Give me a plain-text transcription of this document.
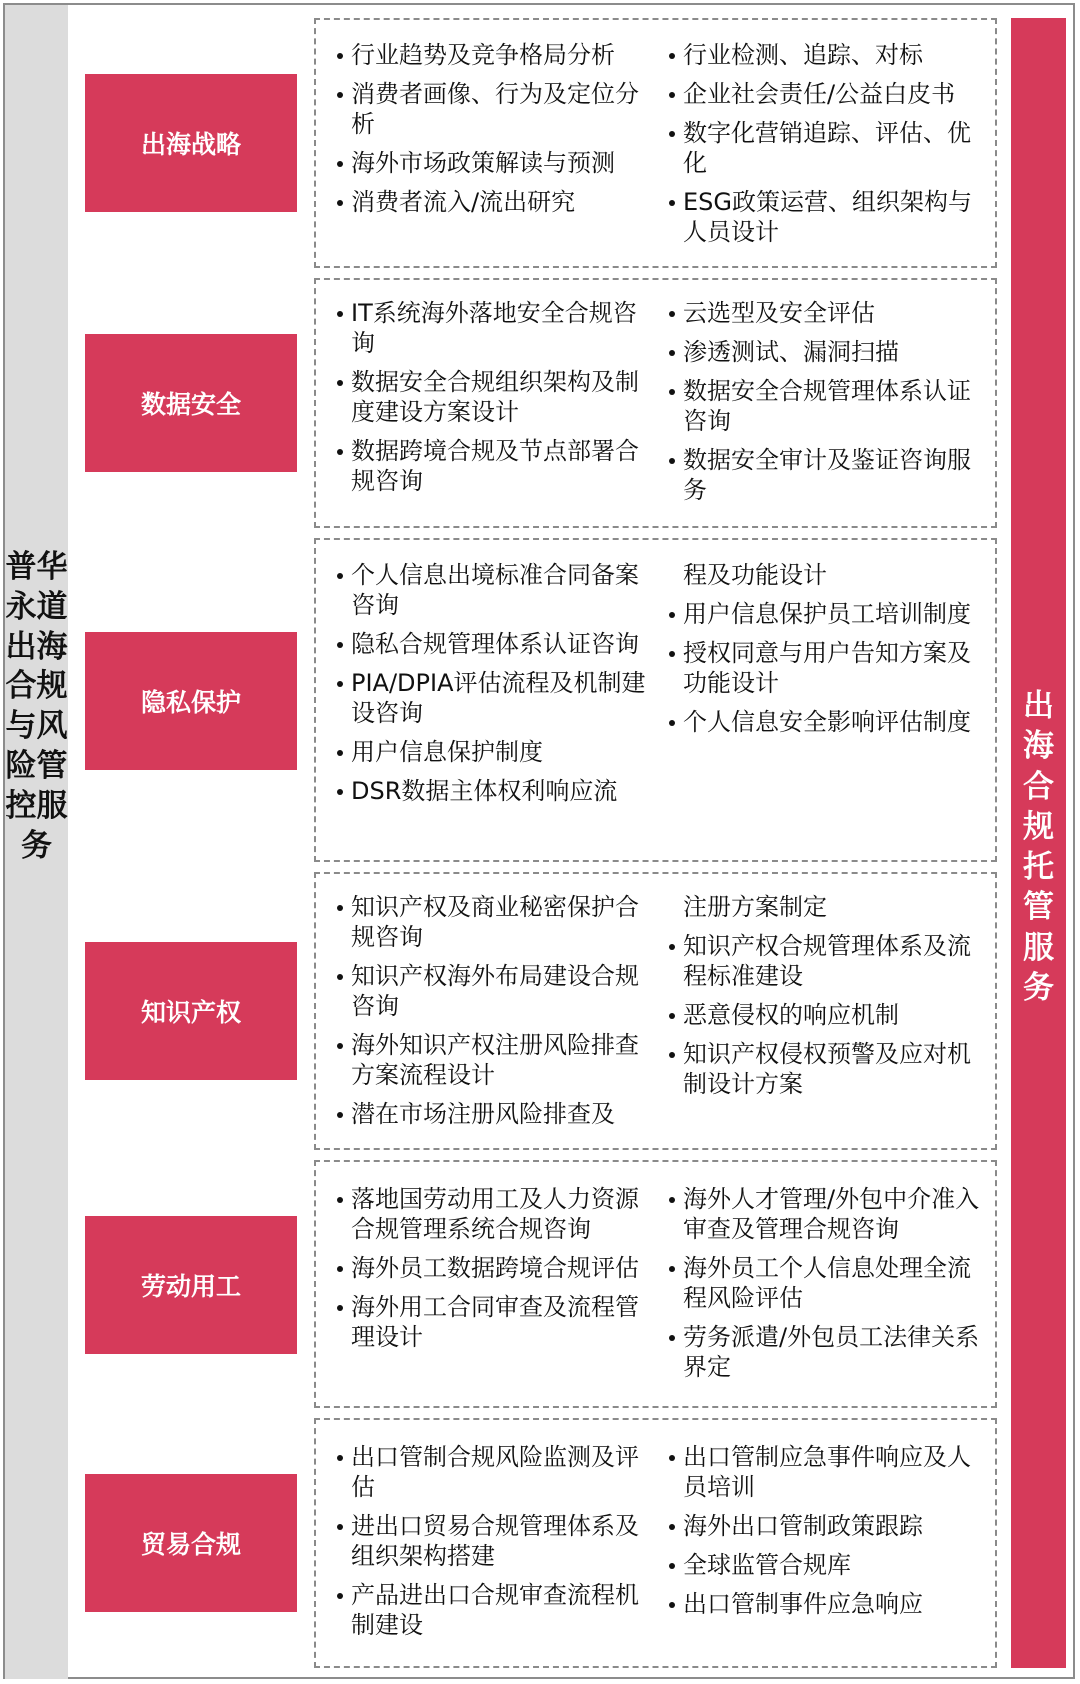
普华永道出海合规与风险管控服务
出海合规托管服务
出海战略
行业趋势及竞争格局分析
消费者画像、行为及定位分析
海外市场政策解读与预测
消费者流入/流出研究
行业检测、追踪、对标
企业社会责任/公益白皮书
数字化营销追踪、评估、优化
ESG政策运营、组织架构与人员设计
数据安全
IT系统海外落地安全合规咨询
数据安全合规组织架构及制度建设方案设计
数据跨境合规及节点部署合规咨询
云选型及安全评估
渗透测试、漏洞扫描
数据安全合规管理体系认证咨询
数据安全审计及鉴证咨询服务
隐私保护
个人信息出境标准合同备案咨询
隐私合规管理体系认证咨询
PIA/DPIA评估流程及机制建设咨询
用户信息保护制度
DSR数据主体权利响应流
程及功能设计
用户信息保护员工培训制度
授权同意与用户告知方案及功能设计
个人信息安全影响评估制度
知识产权
知识产权及商业秘密保护合规咨询
知识产权海外布局建设合规咨询
海外知识产权注册风险排查方案流程设计
潜在市场注册风险排查及
注册方案制定
知识产权合规管理体系及流程标准建设
恶意侵权的响应机制
知识产权侵权预警及应对机制设计方案
劳动用工
落地国劳动用工及人力资源合规管理系统合规咨询
海外员工数据跨境合规评估
海外用工合同审查及流程管理设计
海外人才管理/外包中介准入审查及管理合规咨询
海外员工个人信息处理全流程风险评估
劳务派遣/外包员工法律关系界定
贸易合规
出口管制合规风险监测及评估
进出口贸易合规管理体系及组织架构搭建
产品进出口合规审查流程机制建设
出口管制应急事件响应及人员培训
海外出口管制政策跟踪
全球监管合规库
出口管制事件应急响应
